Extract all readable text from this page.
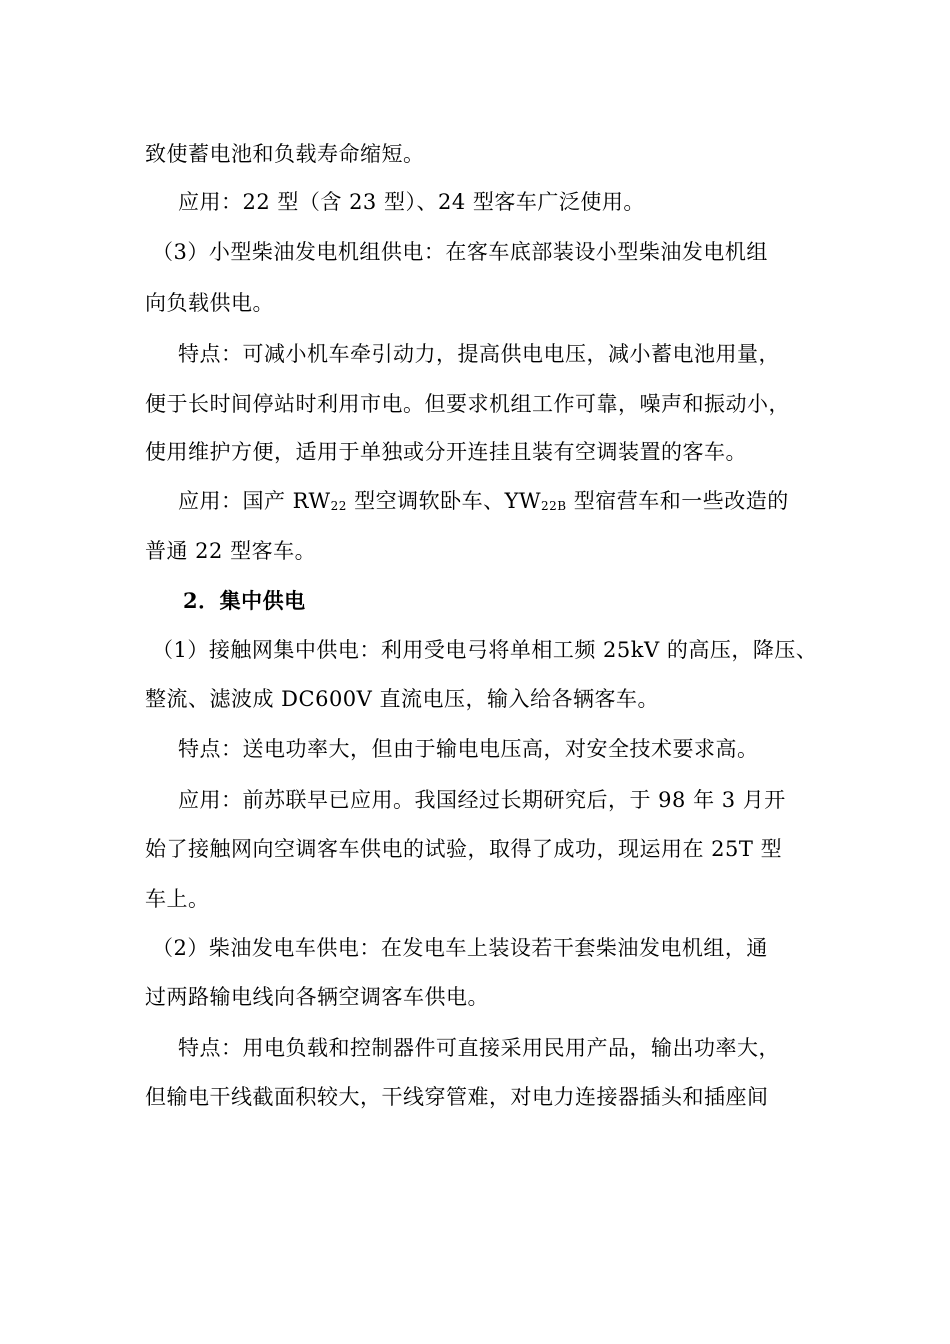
致使蓄电池和负载寿命缩短。
应用：22 型（含 23 型）、24 型客车广泛使用。
（3）小型柴油发电机组供电：在客车底部装设小型柴油发电机组
向负载供电。
特点：可减小机车牵引动力，提高供电电压，减小蓄电池用量，
便于长时间停站时利用市电。但要求机组工作可靠，噪声和振动小，
使用维护方便，适用于单独或分开连挂且装有空调装置的客车。
应用：国产 $RW_{22}$ 型空调软卧车、$YW_{22B}$ 型宿营车和一些改造的
普通 22 型客车。
2．集中供电
（1）接触网集中供电：利用受电弓将单相工频 25kV 的高压，降压、
整流、滤波成 DC600V 直流电压，输入给各辆客车。
特点：送电功率大，但由于输电电压高，对安全技术要求高。
应用：前苏联早已应用。我国经过长期研究后，于 98 年 3 月开
始了接触网向空调客车供电的试验，取得了成功，现运用在 25T 型
车上。
（2）柴油发电车供电：在发电车上装设若干套柴油发电机组，通
过两路输电线向各辆空调客车供电。
特点：用电负载和控制器件可直接采用民用产品，输出功率大，
但输电干线截面积较大，干线穿管难，对电力连接器插头和插座间
